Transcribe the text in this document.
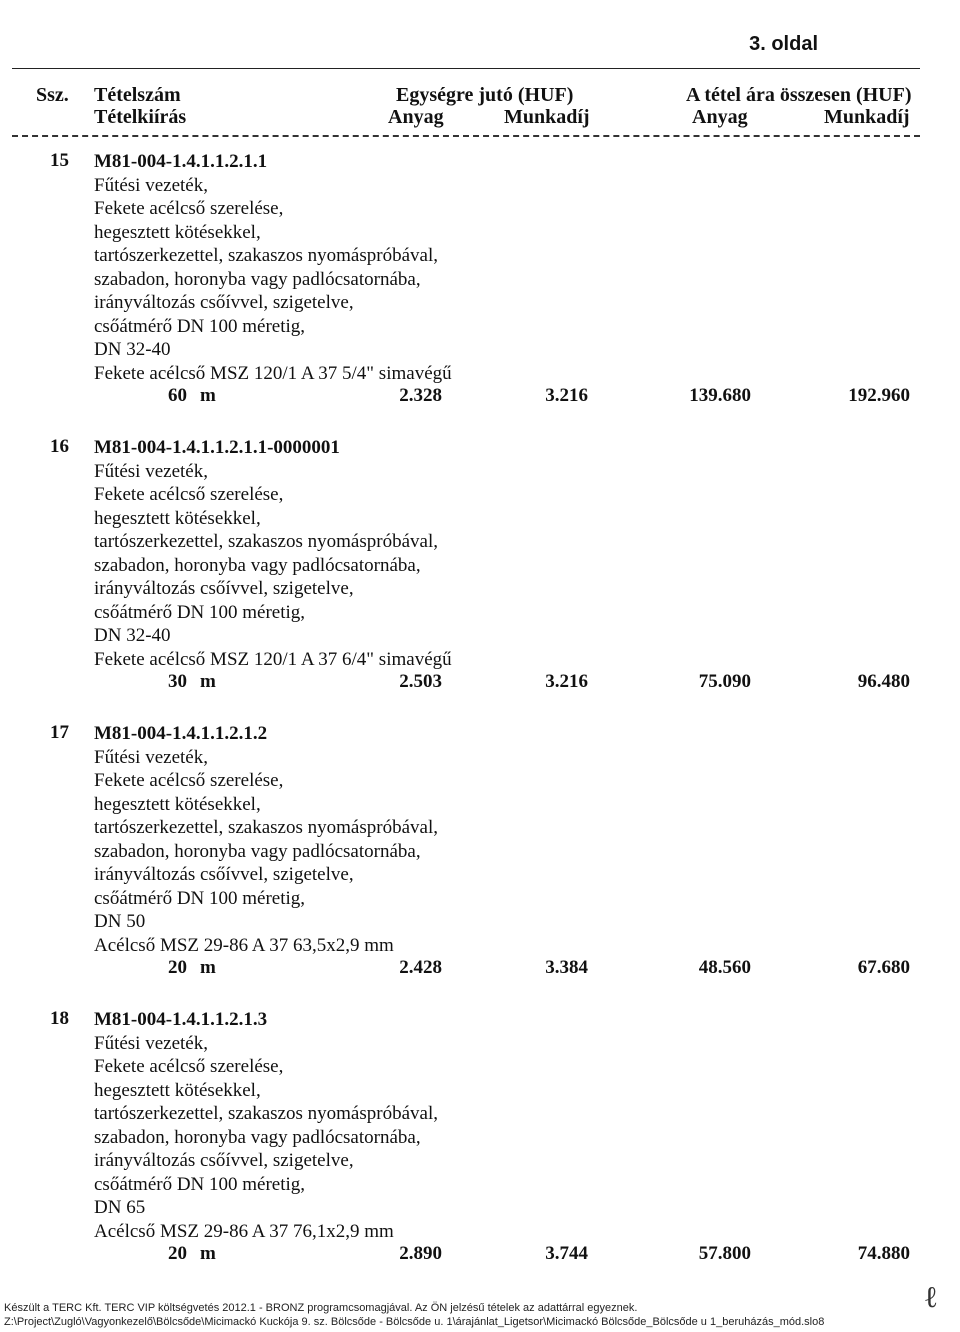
3. oldal
Ssz. Tételszám
Tételkiírás
Egységre jutó (HUF)
Anyag	Munkadíj
A tétel ára összesen (HUF)
Anyag	Munkadíj
15 M81-004-1.4.1.1.2.1.1
Fűtési vezeték,
Fekete acélcső szerelése,
hegesztett kötésekkel,
tartószerkezettel, szakaszos nyomáspróbával,
szabadon, horonyba vagy padlócsatornába,
irányváltozás csőívvel, szigetelve,
csőátmérő DN 100 méretig,
DN 32-40
Fekete acélcső MSZ 120/1 A 37 5/4" simavégű
60 m	2.328	3.216	139.680	192.960
16 M81-004-1.4.1.1.2.1.1-0000001
Fűtési vezeték,
Fekete acélcső szerelése,
hegesztett kötésekkel,
tartószerkezettel, szakaszos nyomáspróbával,
szabadon, horonyba vagy padlócsatornába,
irányváltozás csőívvel, szigetelve,
csőátmérő DN 100 méretig,
DN 32-40
Fekete acélcső MSZ 120/1 A 37 6/4" simavégű
30 m	2.503	3.216	75.090	96.480
17 M81-004-1.4.1.1.2.1.2
Fűtési vezeték,
Fekete acélcső szerelése,
hegesztett kötésekkel,
tartószerkezettel, szakaszos nyomáspróbával,
szabadon, horonyba vagy padlócsatornába,
irányváltozás csőívvel, szigetelve,
csőátmérő DN 100 méretig,
DN 50
Acélcső MSZ 29-86 A 37 63,5x2,9 mm
20 m	2.428	3.384	48.560	67.680
18 M81-004-1.4.1.1.2.1.3
Fűtési vezeték,
Fekete acélcső szerelése,
hegesztett kötésekkel,
tartószerkezettel, szakaszos nyomáspróbával,
szabadon, horonyba vagy padlócsatornába,
irányváltozás csőívvel, szigetelve,
csőátmérő DN 100 méretig,
DN 65
Acélcső MSZ 29-86 A 37 76,1x2,9 mm
20 m	2.890	3.744	57.800	74.880
Készült a TERC Kft. TERC VIP költségvetés 2012.1 - BRONZ programcsomagjával. Az ÖN jelzésű tételek az adattárral egyeznek.
Z:\Project\Zugló\Vagyonkezelő\Bölcsőde\Micimackó Kuckója 9. sz. Bölcsőde - Bölcsőde u. 1\árajánlat_Ligetsor\Micimackó Bölcsőde_Bölcsőde u 1_beruházás_mód.slo8
ℓ
